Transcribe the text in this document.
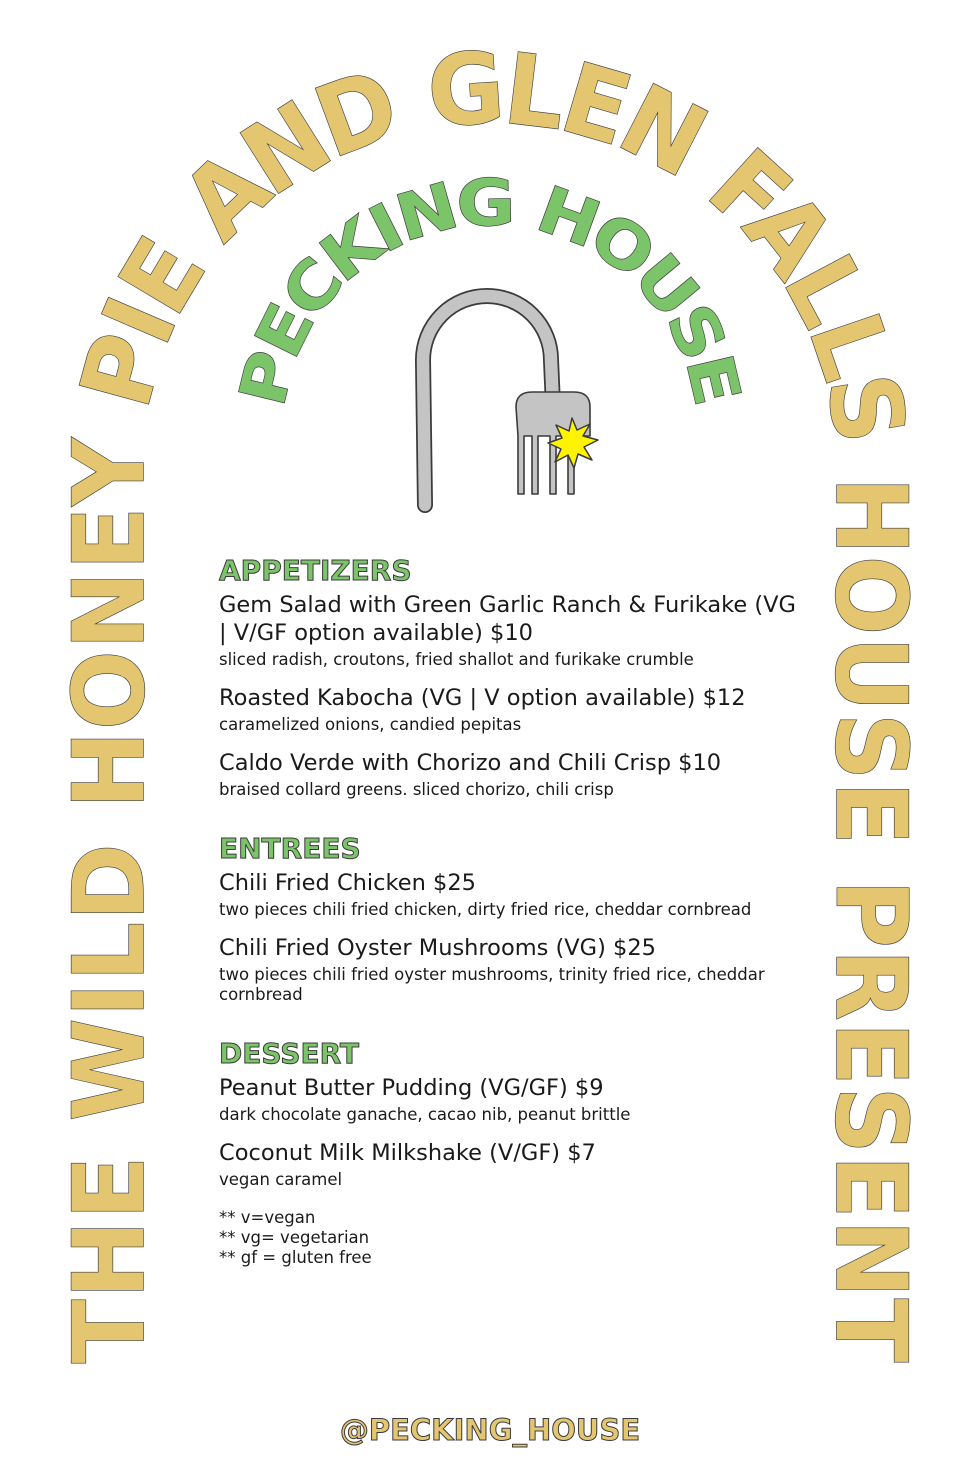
THE WILD HONEY PIE AND GLEN FALLS HOUSE PRESENT
PECKING HOUSE
APPETIZERS
Gem Salad with Green Garlic Ranch & Furikake (VG | V/GF option available) $10
sliced radish, croutons, fried shallot and furikake crumble
Roasted Kabocha (VG | V option available) $12
caramelized onions, candied pepitas
Caldo Verde with Chorizo and Chili Crisp $10
braised collard greens. sliced chorizo, chili crisp
ENTREES
Chili Fried Chicken $25
two pieces chili fried chicken, dirty fried rice, cheddar cornbread
Chili Fried Oyster Mushrooms (VG) $25
two pieces chili fried oyster mushrooms, trinity fried rice, cheddar cornbread
DESSERT
Peanut Butter Pudding (VG/GF) $9
dark chocolate ganache, cacao nib, peanut brittle
Coconut Milk Milkshake (V/GF) $7
vegan caramel
** v=vegan
** vg= vegetarian
** gf = gluten free
@PECKING_HOUSE
